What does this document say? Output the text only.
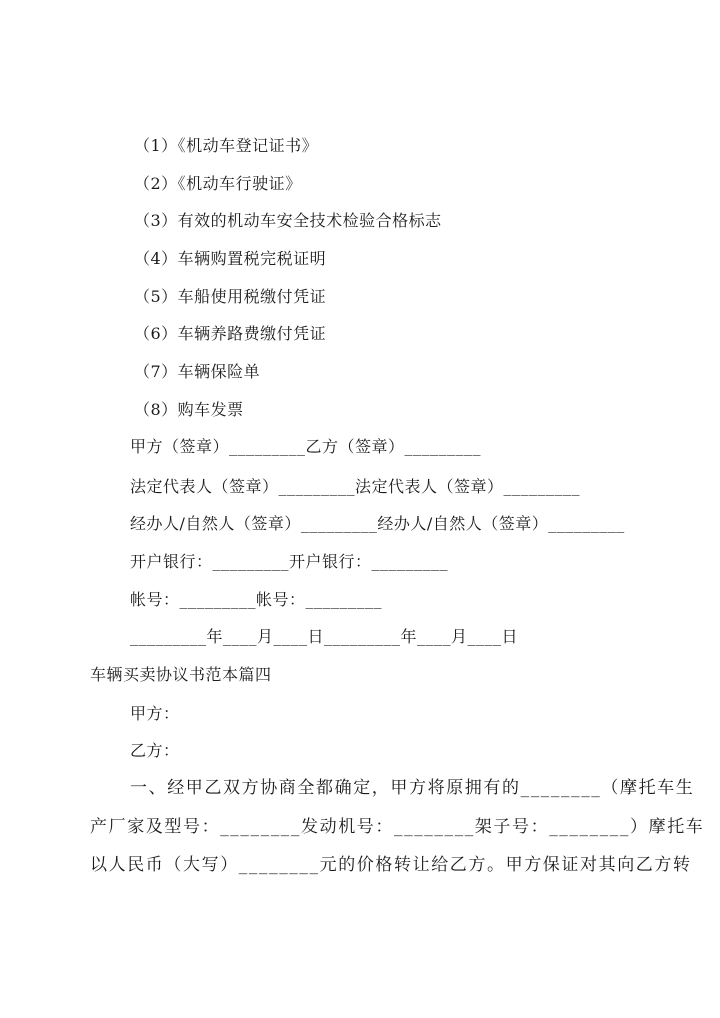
（1）《机动车登记证书》
（2）《机动车行驶证》
（3）有效的机动车安全技术检验合格标志
（4）车辆购置税完税证明
（5）车船使用税缴付凭证
（6）车辆养路费缴付凭证
（7）车辆保险单
（8）购车发票
甲方（签章）_________乙方（签章）_________
法定代表人（签章）_________法定代表人（签章）_________
经办人/自然人（签章）_________经办人/自然人（签章）_________
开户银行：_________开户银行：_________
帐号：_________帐号：_________
_________年____月____日_________年____月____日
车辆买卖协议书范本篇四
甲方：
乙方：
一、经甲乙双方协商全都确定，甲方将原拥有的________（摩托车生
产厂家及型号：________发动机号：________架子号：________）摩托车
以人民币（大写）________元的价格转让给乙方。甲方保证对其向乙方转
